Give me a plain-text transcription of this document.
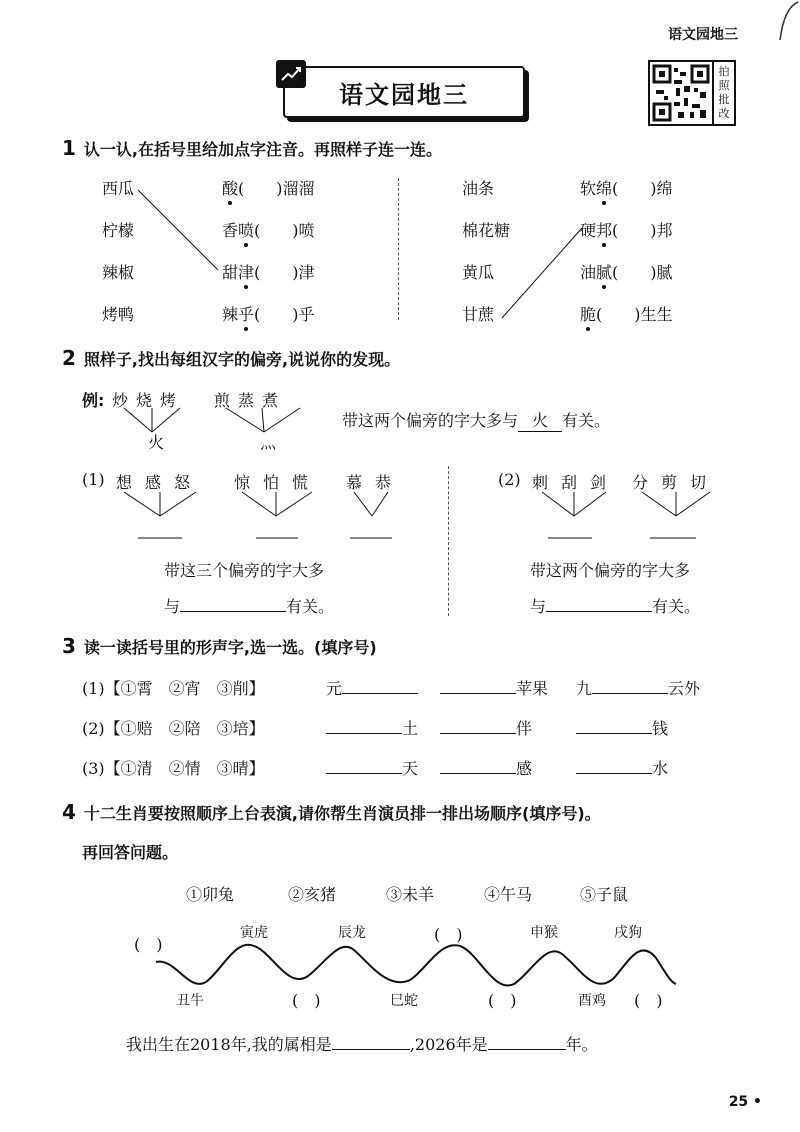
语文园地三
语文园地三
拍
照
批
改
1 认一认,在括号里给加点字注音。再照样子连一连。
西瓜
柠檬
辣椒
烤鸭
酸(　　)溜溜
香喷(　　)喷
甜津(　　)津
辣乎(　　)乎
油条
棉花糖
黄瓜
甘蔗
软绵(　　)绵
硬邦(　　)邦
油腻(　　)腻
脆(　　)生生
2 照样子,找出每组汉字的偏旁,说说你的发现。
例: 炒烧烤 煎蒸煮
火	灬
带这两个偏旁的字大多与 火 有关。
(1) 想感怒 惊怕慌 慕恭
带这三个偏旁的字大多
与	有关。
(2) 刺刮剑 分剪切
带这两个偏旁的字大多
与	有关。
3 读一读括号里的形声字,选一选。(填序号)
(1)【①霄　②宵　③削】	元	苹果 九	云外
(2)【①赔　②陪　③培】	土	伴	钱
(3)【①清　②情　③晴】	天	感	水
4 十二生肖要按照顺序上台表演,请你帮生肖演员排一排出场顺序(填序号)。
再回答问题。
①卯兔	②亥猪	③未羊	④午马	⑤子鼠
(　)
寅虎	辰龙	(　)	申猴	戌狗
丑牛	(　)	巳蛇	(　)	酉鸡 (　)
我出生在2018年,我的属相是	,2026年是	年。
25 •
